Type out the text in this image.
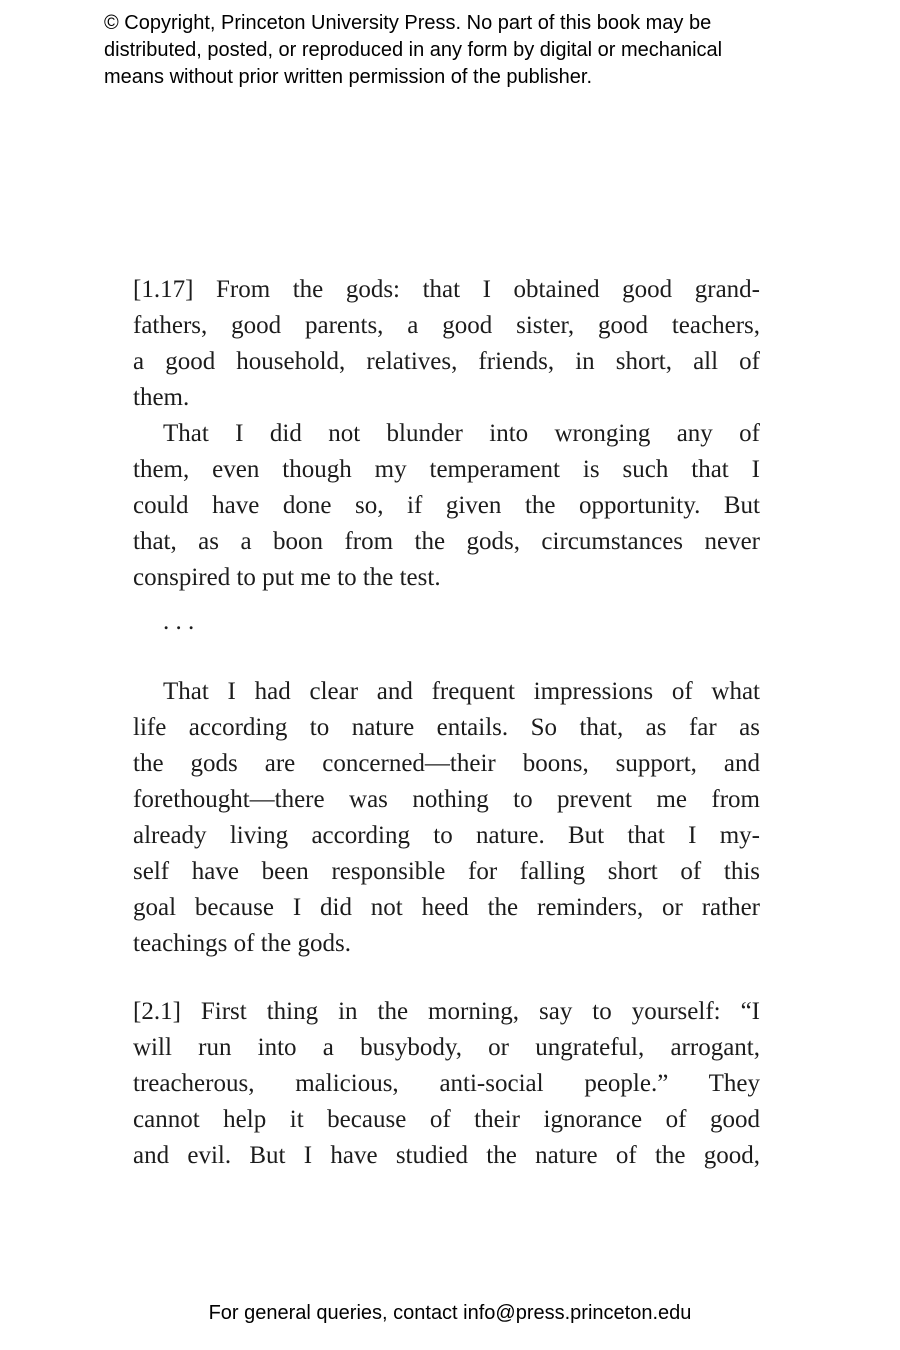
© Copyright, Princeton University Press. No part of this book may be
distributed, posted, or reproduced in any form by digital or mechanical
means without prior written permission of the publisher.

[1.17] From the gods: that I obtained good grand-
fathers, good parents, a good sister, good teachers,
a good household, relatives, friends, in short, all of
them.

That I did not blunder into wronging any of
them, even though my temperament is such that I
could have done so, if given the opportunity. But
that, as a boon from the gods, circumstances never
conspired to put me to the test.

. . .

That I had clear and frequent impressions of what
life according to nature entails. So that, as far as
the gods are concerned—their boons, support, and
forethought—there was nothing to prevent me from
already living according to nature. But that I my-
self have been responsible for falling short of this
goal because I did not heed the reminders, or rather
teachings of the gods.

[2.1] First thing in the morning, say to yourself: “I
will run into a busybody, or ungrateful, arrogant,
treacherous, malicious, anti-social people.” They
cannot help it because of their ignorance of good
and evil. But I have studied the nature of the good,

For general queries, contact info@press.princeton.edu
